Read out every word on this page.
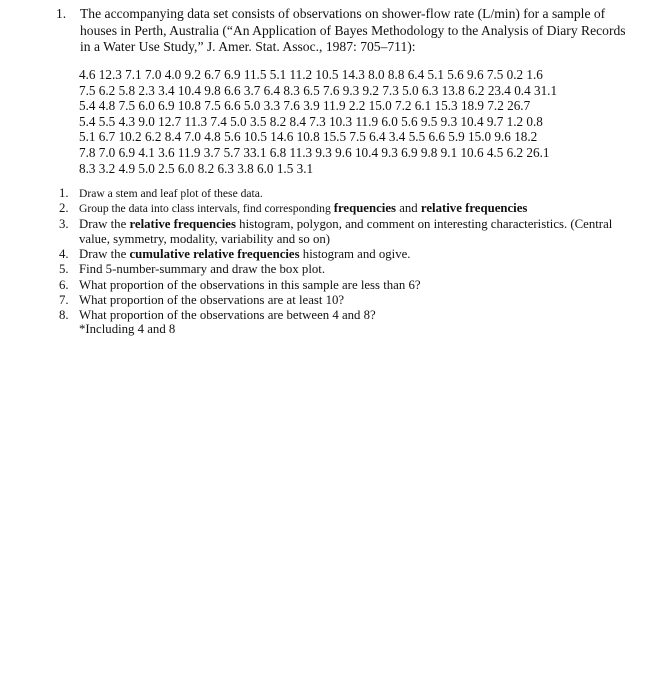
1. The accompanying data set consists of observations on shower-flow rate (L/min) for a sample of houses in Perth, Australia (“An Application of Bayes Methodology to the Analysis of Diary Records in a Water Use Study,” J. Amer. Stat. Assoc., 1987: 705–711):
4.6 12.3 7.1 7.0 4.0 9.2 6.7 6.9 11.5 5.1 11.2 10.5 14.3 8.0 8.8 6.4 5.1 5.6 9.6 7.5 0.2 1.6
7.5 6.2 5.8 2.3 3.4 10.4 9.8 6.6 3.7 6.4 8.3 6.5 7.6 9.3 9.2 7.3 5.0 6.3 13.8 6.2 23.4 0.4 31.1
5.4 4.8 7.5 6.0 6.9 10.8 7.5 6.6 5.0 3.3 7.6 3.9 11.9 2.2 15.0 7.2 6.1 15.3 18.9 7.2 26.7
5.4 5.5 4.3 9.0 12.7 11.3 7.4 5.0 3.5 8.2 8.4 7.3 10.3 11.9 6.0 5.6 9.5 9.3 10.4 9.7 1.2 0.8
5.1 6.7 10.2 6.2 8.4 7.0 4.8 5.6 10.5 14.6 10.8 15.5 7.5 6.4 3.4 5.5 6.6 5.9 15.0 9.6 18.2
7.8 7.0 6.9 4.1 3.6 11.9 3.7 5.7 33.1 6.8 11.3 9.3 9.6 10.4 9.3 6.9 9.8 9.1 10.6 4.5 6.2 26.1
8.3 3.2 4.9 5.0 2.5 6.0 8.2 6.3 3.8 6.0 1.5 3.1
1. Draw a stem and leaf plot of these data.
2. Group the data into class intervals, find corresponding frequencies and relative frequencies
3. Draw the relative frequencies histogram, polygon, and comment on interesting characteristics. (Central value, symmetry, modality, variability and so on)
4. Draw the cumulative relative frequencies histogram and ogive.
5. Find 5-number-summary and draw the box plot.
6. What proportion of the observations in this sample are less than 6?
7. What proportion of the observations are at least 10?
8. What proportion of the observations are between 4 and 8?
*Including 4 and 8
